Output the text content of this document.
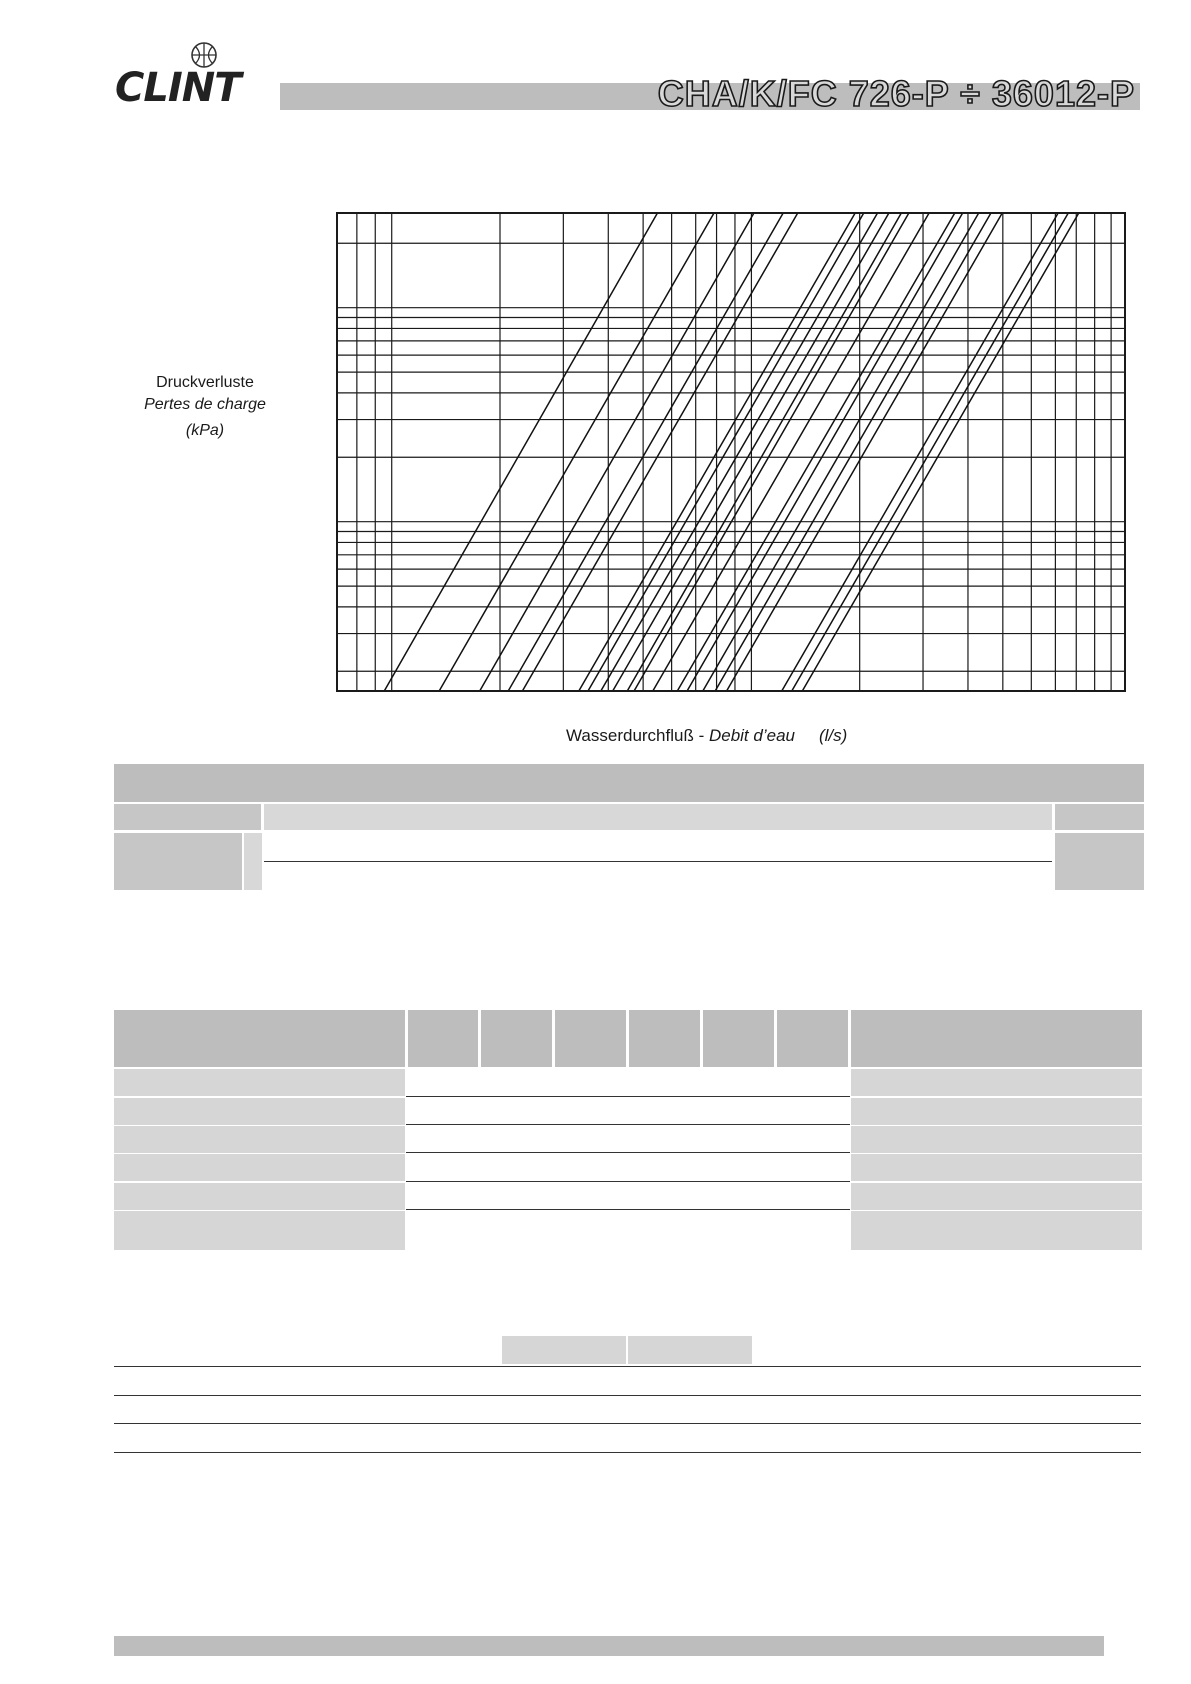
CLINT	CHA/K/FC 726-P ÷ 36012-P
Druckverluste
Pertes de charge
(kPa)
Wasserdurchfluß - Debit d’eau (l/s)
